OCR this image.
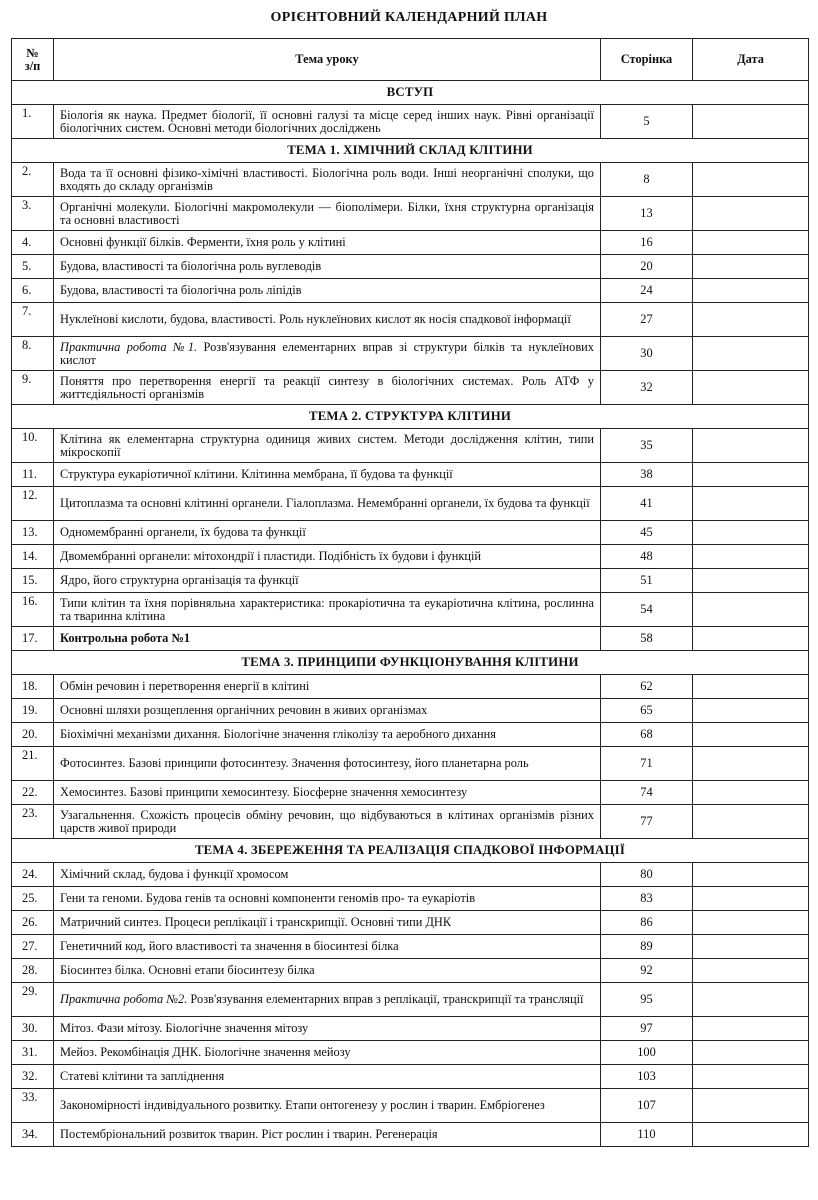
ОРІЄНТОВНИЙ КАЛЕНДАРНИЙ ПЛАН
№
з/п	Тема уроку	Сторінка	Дата
ВСТУП			
1.	Біологія як наука. Предмет біології, її основні галузі та місце серед інших наук. Рівні організації біологічних систем. Основні методи біологічних досліджень	5	
ТЕМА 1. ХІМІЧНИЙ СКЛАД КЛІТИНИ			
2.	Вода та її основні фізико-хімічні властивості. Біологічна роль води. Інші неорганічні сполуки, що входять до складу організмів	8	
3.	Органічні молекули. Біологічні макромолекули — біополімери. Білки, їхня структурна організація та основні властивості	13	
4.	Основні функції білків. Ферменти, їхня роль у клітині	16	
5.	Будова, властивості та біологічна роль вуглеводів	20	
6.	Будова, властивості та біологічна роль ліпідів	24	
7.	Нуклеїнові кислоти, будова, властивості. Роль нуклеїнових кислот як носія спадкової інформації	27	
8.	Практична робота №1. Розв'язування елементарних вправ зі структури білків та нуклеїнових кислот	30	
9.	Поняття про перетворення енергії та реакції синтезу в біологічних системах. Роль АТФ у життєдіяльності організмів	32	
ТЕМА 2. СТРУКТУРА КЛІТИНИ			
10.	Клітина як елементарна структурна одиниця живих систем. Методи дослідження клітин, типи мікроскопії	35	
11.	Структура еукаріотичної клітини. Клітинна мембрана, її будова та функції	38	
12.	Цитоплазма та основні клітинні органели. Гіалоплазма. Немембранні органели, їх будова та функції	41	
13.	Одномембранні органели, їх будова та функції	45	
14.	Двомембранні органели: мітохондрії і пластиди. Подібність їх будови і функцій	48	
15.	Ядро, його структурна організація та функції	51	
16.	Типи клітин та їхня порівняльна характеристика: прокаріотична та еукаріотична клітина, рослинна та тваринна клітина	54	
17.	Контрольна робота №1	58	
ТЕМА 3. ПРИНЦИПИ ФУНКЦІОНУВАННЯ КЛІТИНИ			
18.	Обмін речовин і перетворення енергії в клітині	62	
19.	Основні шляхи розщеплення органічних речовин в живих організмах	65	
20.	Біохімічні механізми дихання. Біологічне значення гліколізу та аеробного дихання	68	
21.	Фотосинтез. Базові принципи фотосинтезу. Значення фотосинтезу, його планетарна роль	71	
22.	Хемосинтез. Базові принципи хемосинтезу. Біосферне значення хемосинтезу	74	
23.	Узагальнення. Схожість процесів обміну речовин, що відбуваються в клітинах організмів різних царств живої природи	77	
ТЕМА 4. ЗБЕРЕЖЕННЯ ТА РЕАЛІЗАЦІЯ СПАДКОВОЇ ІНФОРМАЦІЇ			
24.	Хімічний склад, будова і функції хромосом	80	
25.	Гени та геноми. Будова генів та основні компоненти геномів про- та еукаріотів	83	
26.	Матричний синтез. Процеси реплікації і транскрипції. Основні типи ДНК	86	
27.	Генетичний код, його властивості та значення в біосинтезі білка	89	
28.	Біосинтез білка. Основні етапи біосинтезу білка	92	
29.	Практична робота №2. Розв'язування елементарних вправ з реплікації, транскрипції та трансляції	95	
30.	Мітоз. Фази мітозу. Біологічне значення мітозу	97	
31.	Мейоз. Рекомбінація ДНК. Біологічне значення мейозу	100	
32.	Статеві клітини та запліднення	103	
33.	Закономірності індивідуального розвитку. Етапи онтогенезу у рослин і тварин. Ембріогенез	107	
34.	Постембріональний розвиток тварин. Ріст рослин і тварин. Регенерація	110	
